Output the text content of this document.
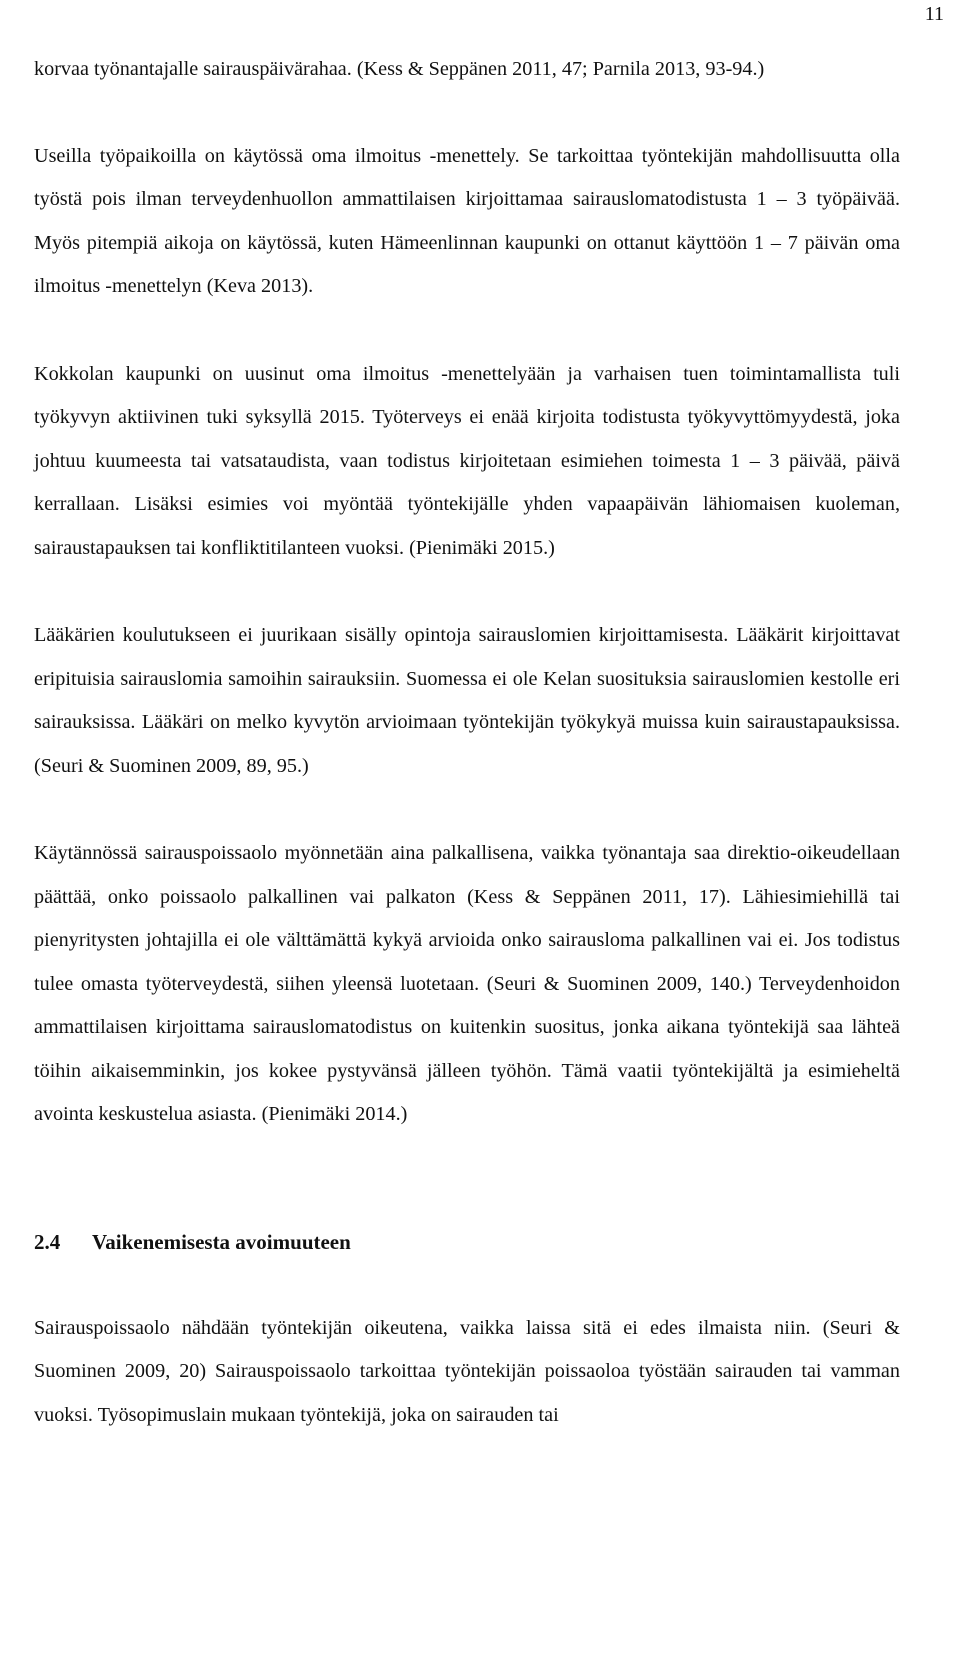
11

korvaa työnantajalle sairauspäivärahaa. (Kess & Seppänen 2011, 47; Parnila 2013, 93-94.)

Useilla työpaikoilla on käytössä oma ilmoitus -menettely. Se tarkoittaa työntekijän mahdollisuutta olla työstä pois ilman terveydenhuollon ammattilaisen kirjoittamaa sairauslomatodistusta 1 – 3 työpäivää. Myös pitempiä aikoja on käytössä, kuten Hämeenlinnan kaupunki on ottanut käyttöön 1 – 7 päivän oma ilmoitus -menettelyn (Keva 2013).

Kokkolan kaupunki on uusinut oma ilmoitus -menettelyään ja varhaisen tuen toimintamallista tuli työkyvyn aktiivinen tuki syksyllä 2015. Työterveys ei enää kirjoita todistusta työkyvyttömyydestä, joka johtuu kuumeesta tai vatsataudista, vaan todistus kirjoitetaan esimiehen toimesta 1 – 3 päivää, päivä kerrallaan. Lisäksi esimies voi myöntää työntekijälle yhden vapaapäivän lähiomaisen kuoleman, sairaustapauksen tai konfliktitilanteen vuoksi. (Pienimäki 2015.)

Lääkärien koulutukseen ei juurikaan sisälly opintoja sairauslomien kirjoittamisesta. Lääkärit kirjoittavat eripituisia sairauslomia samoihin sairauksiin. Suomessa ei ole Kelan suosituksia sairauslomien kestolle eri sairauksissa. Lääkäri on melko kyvytön arvioimaan työntekijän työkykyä muissa kuin sairaustapauksissa. (Seuri & Suominen 2009, 89, 95.)

Käytännössä sairauspoissaolo myönnetään aina palkallisena, vaikka työnantaja saa direktio-oikeudellaan päättää, onko poissaolo palkallinen vai palkaton (Kess & Seppänen 2011, 17). Lähiesimiehillä tai pienyritysten johtajilla ei ole välttämättä kykyä arvioida onko sairausloma palkallinen vai ei. Jos todistus tulee omasta työterveydestä, siihen yleensä luotetaan. (Seuri & Suominen 2009, 140.) Terveydenhoidon ammattilaisen kirjoittama sairauslomatodistus on kuitenkin suositus, jonka aikana työntekijä saa lähteä töihin aikaisemminkin, jos kokee pystyvänsä jälleen työhön. Tämä vaatii työntekijältä ja esimieheltä avointa keskustelua asiasta. (Pienimäki 2014.)

2.4	Vaikenemisesta avoimuuteen

Sairauspoissaolo nähdään työntekijän oikeutena, vaikka laissa sitä ei edes ilmaista niin. (Seuri & Suominen 2009, 20) Sairauspoissaolo tarkoittaa työntekijän poissaoloa työstään sairauden tai vamman vuoksi. Työsopimuslain mukaan työntekijä, joka on sairauden tai
